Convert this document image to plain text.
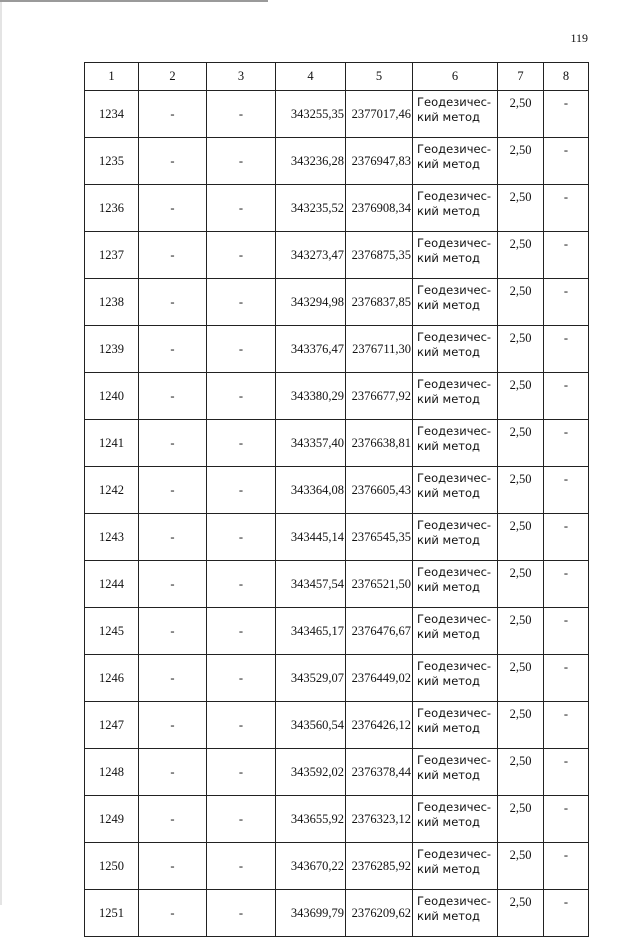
119
1	2	3	4	5	6	7	8
1234	-	-	343255,35	2377017,46	Геодезичес-
кий метод	2,50	-
1235	-	-	343236,28	2376947,83	Геодезичес-
кий метод	2,50	-
1236	-	-	343235,52	2376908,34	Геодезичес-
кий метод	2,50	-
1237	-	-	343273,47	2376875,35	Геодезичес-
кий метод	2,50	-
1238	-	-	343294,98	2376837,85	Геодезичес-
кий метод	2,50	-
1239	-	-	343376,47	2376711,30	Геодезичес-
кий метод	2,50	-
1240	-	-	343380,29	2376677,92	Геодезичес-
кий метод	2,50	-
1241	-	-	343357,40	2376638,81	Геодезичес-
кий метод	2,50	-
1242	-	-	343364,08	2376605,43	Геодезичес-
кий метод	2,50	-
1243	-	-	343445,14	2376545,35	Геодезичес-
кий метод	2,50	-
1244	-	-	343457,54	2376521,50	Геодезичес-
кий метод	2,50	-
1245	-	-	343465,17	2376476,67	Геодезичес-
кий метод	2,50	-
1246	-	-	343529,07	2376449,02	Геодезичес-
кий метод	2,50	-
1247	-	-	343560,54	2376426,12	Геодезичес-
кий метод	2,50	-
1248	-	-	343592,02	2376378,44	Геодезичес-
кий метод	2,50	-
1249	-	-	343655,92	2376323,12	Геодезичес-
кий метод	2,50	-
1250	-	-	343670,22	2376285,92	Геодезичес-
кий метод	2,50	-
1251	-	-	343699,79	2376209,62	Геодезичес-
кий метод	2,50	-
